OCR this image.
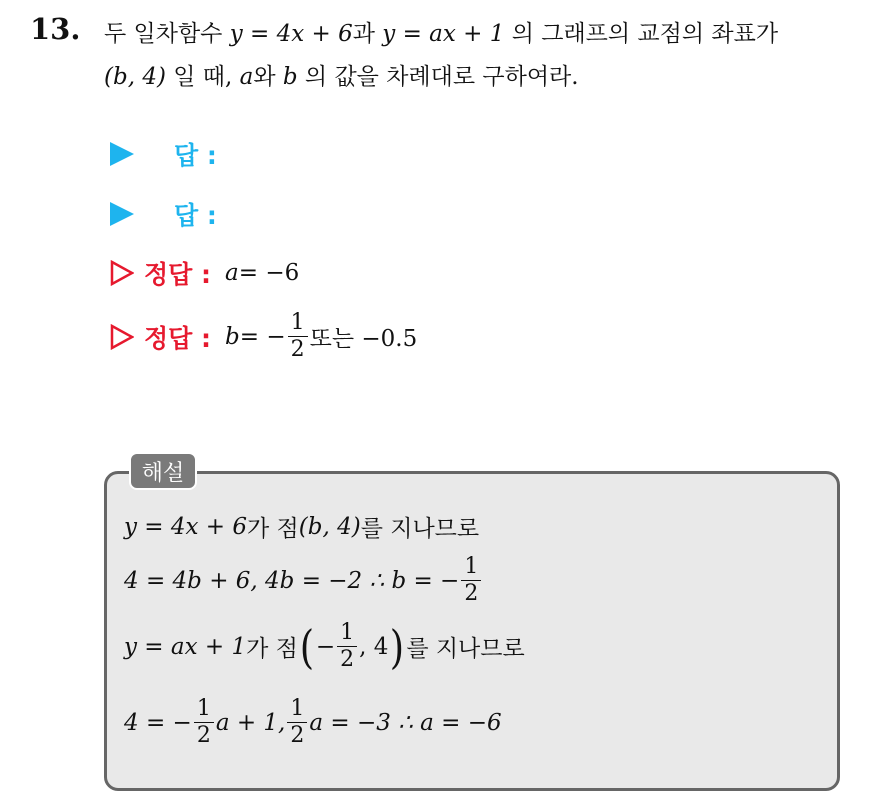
13. 두 일차함수 y = 4x + 6과 y = ax + 1 의 그래프의 교점의 좌표가
(b, 4) 일 때, a와 b 의 값을 차례대로 구하여라.
답 :
답 :
정답 : a = −6
정답 : b = − $\frac{1}{2}$ 또는 −0.5
해설
y = 4x + 6 가 점 (b, 4) 를 지나므로
4 = 4b + 6, 4b = −2 ∴ b = − $\frac{1}{2}$
y = ax + 1 가 점 ( − $\frac{1}{2}$ , 4 ) 를 지나므로
4 = − $\frac{1}{2}$ a + 1, $\frac{1}{2}$ a = −3 ∴ a = −6
